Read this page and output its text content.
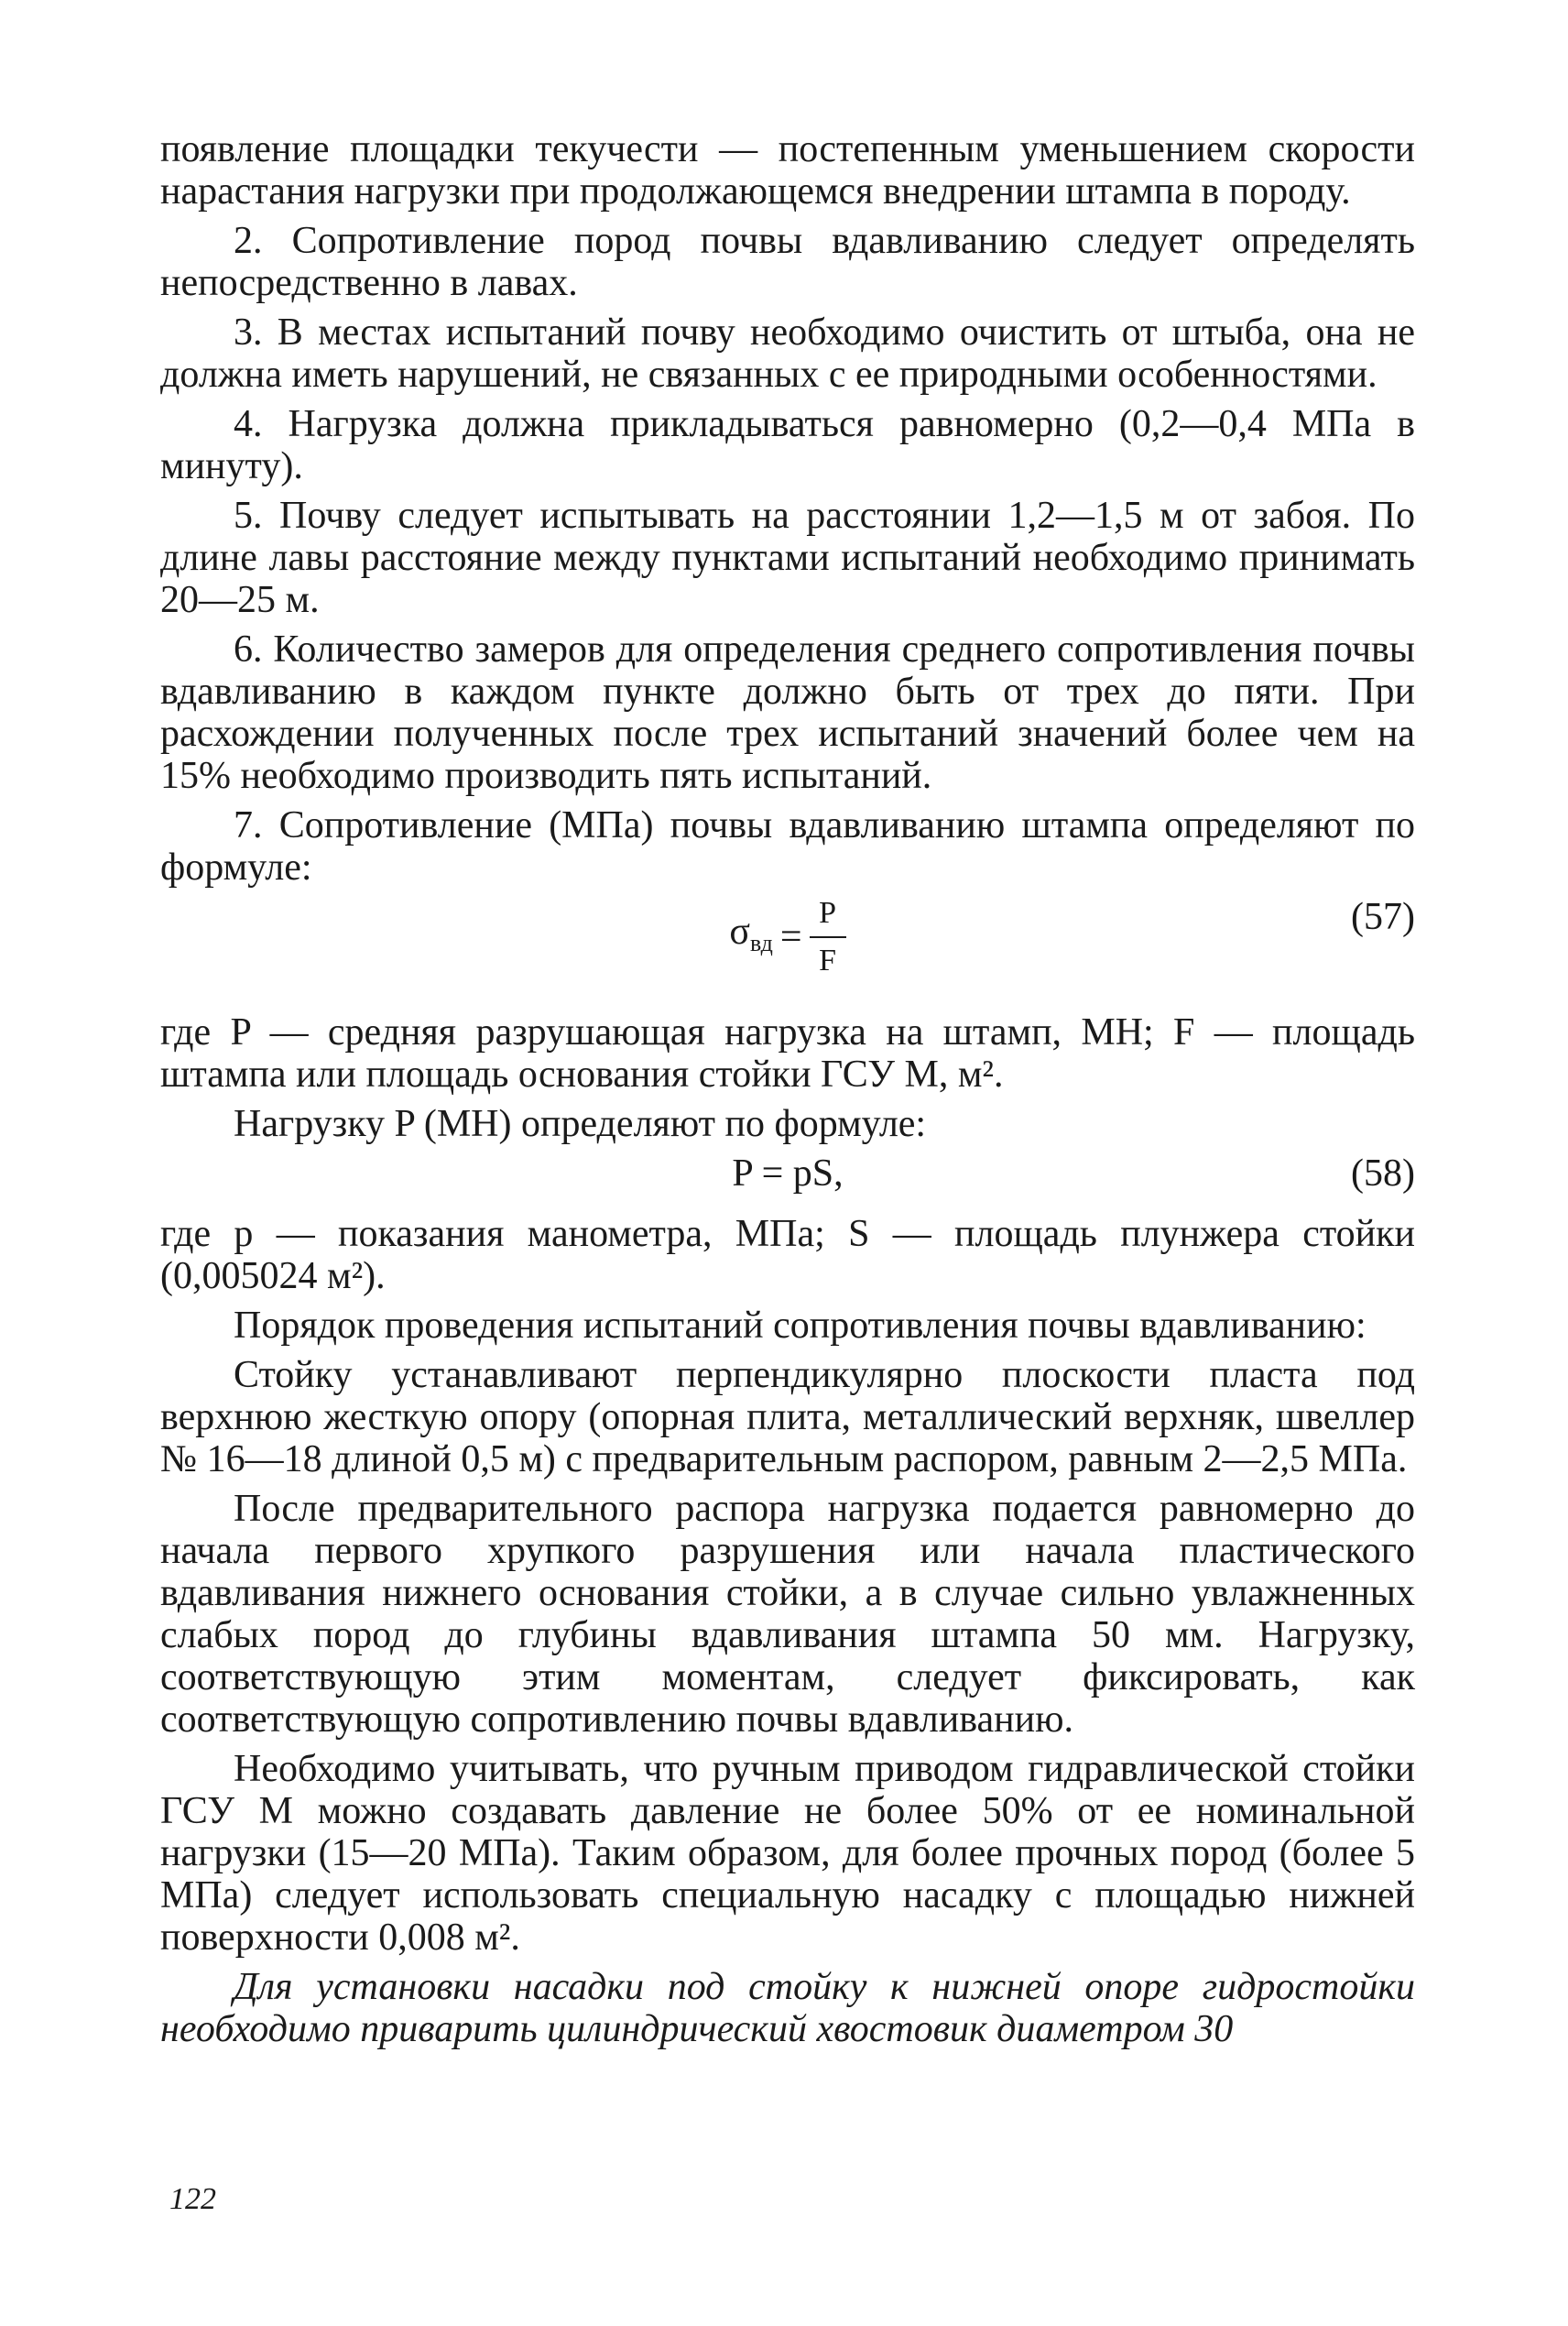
появление площадки текучести — постепенным уменьшением скорости нарастания нагрузки при продолжающемся внедрении штампа в породу.

2. Сопротивление пород почвы вдавливанию следует определять непосредственно в лавах.

3. В местах испытаний почву необходимо очистить от штыба, она не должна иметь нарушений, не связанных с ее природными особенностями.

4. Нагрузка должна прикладываться равномерно (0,2—0,4 МПа в минуту).

5. Почву следует испытывать на расстоянии 1,2—1,5 м от забоя. По длине лавы расстояние между пунктами испытаний необходимо принимать 20—25 м.

6. Количество замеров для определения среднего сопротивления почвы вдавливанию в каждом пункте должно быть от трех до пяти. При расхождении полученных после трех испытаний значений более чем на 15% необходимо производить пять испытаний.

7. Сопротивление (МПа) почвы вдавливанию штампа определяют по формуле:

$\sigma_{вд} = \frac{P}{F}$	(57)

где P — средняя разрушающая нагрузка на штамп, МН; F — площадь штампа или площадь основания стойки ГСУ М, м².

Нагрузку P (МН) определяют по формуле:

P = pS,	(58)

где p — показания манометра, МПа; S — площадь плунжера стойки (0,005024 м²).

Порядок проведения испытаний сопротивления почвы вдавливанию:

Стойку устанавливают перпендикулярно плоскости пласта под верхнюю жесткую опору (опорная плита, металлический верхняк, швеллер № 16—18 длиной 0,5 м) с предварительным распором, равным 2—2,5 МПа.

После предварительного распора нагрузка подается равномерно до начала первого хрупкого разрушения или начала пластического вдавливания нижнего основания стойки, а в случае сильно увлажненных слабых пород до глубины вдавливания штампа 50 мм. Нагрузку, соответствующую этим моментам, следует фиксировать, как соответствующую сопротивлению почвы вдавливанию.

Необходимо учитывать, что ручным приводом гидравлической стойки ГСУ М можно создавать давление не более 50% от ее номинальной нагрузки (15—20 МПа). Таким образом, для более прочных пород (более 5 МПа) следует использовать специальную насадку с площадью нижней поверхности 0,008 м².

Для установки насадки под стойку к нижней опоре гидростойки необходимо приварить цилиндрический хвостовик диаметром 30

122
